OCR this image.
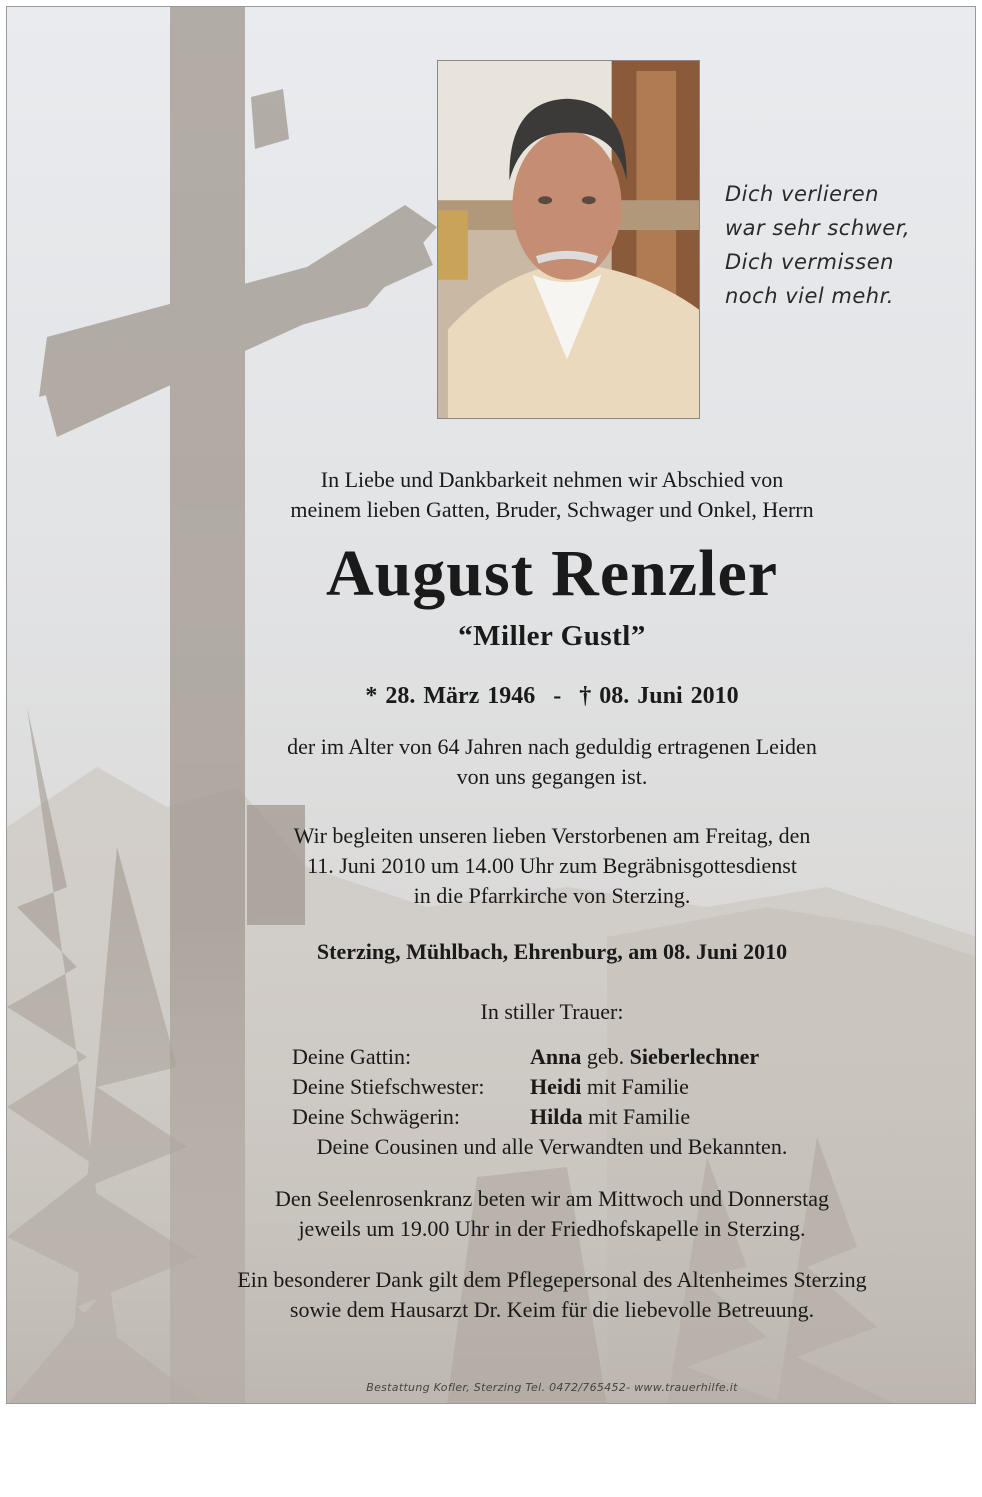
Dich verlieren
war sehr schwer,
Dich vermissen
noch viel mehr.
In Liebe und Dankbarkeit nehmen wir Abschied von
meinem lieben Gatten, Bruder, Schwager und Onkel, Herrn
August Renzler
“Miller Gustl”
* 28. März 1946 - † 08. Juni 2010
der im Alter von 64 Jahren nach geduldig ertragenen Leiden
von uns gegangen ist.
Wir begleiten unseren lieben Verstorbenen am Freitag, den
11. Juni 2010 um 14.00 Uhr zum Begräbnisgottesdienst
in die Pfarrkirche von Sterzing.
Sterzing, Mühlbach, Ehrenburg, am 08. Juni 2010
In stiller Trauer:
Deine Gattin:	Anna geb. Sieberlechner
Deine Stiefschwester:	Heidi mit Familie
Deine Schwägerin:	Hilda mit Familie
Deine Cousinen und alle Verwandten und Bekannten.
Den Seelenrosenkranz beten wir am Mittwoch und Donnerstag
jeweils um 19.00 Uhr in der Friedhofskapelle in Sterzing.
Ein besonderer Dank gilt dem Pflegepersonal des Altenheimes Sterzing
sowie dem Hausarzt Dr. Keim für die liebevolle Betreuung.
Bestattung Kofler, Sterzing Tel. 0472/765452- www.trauerhilfe.it
